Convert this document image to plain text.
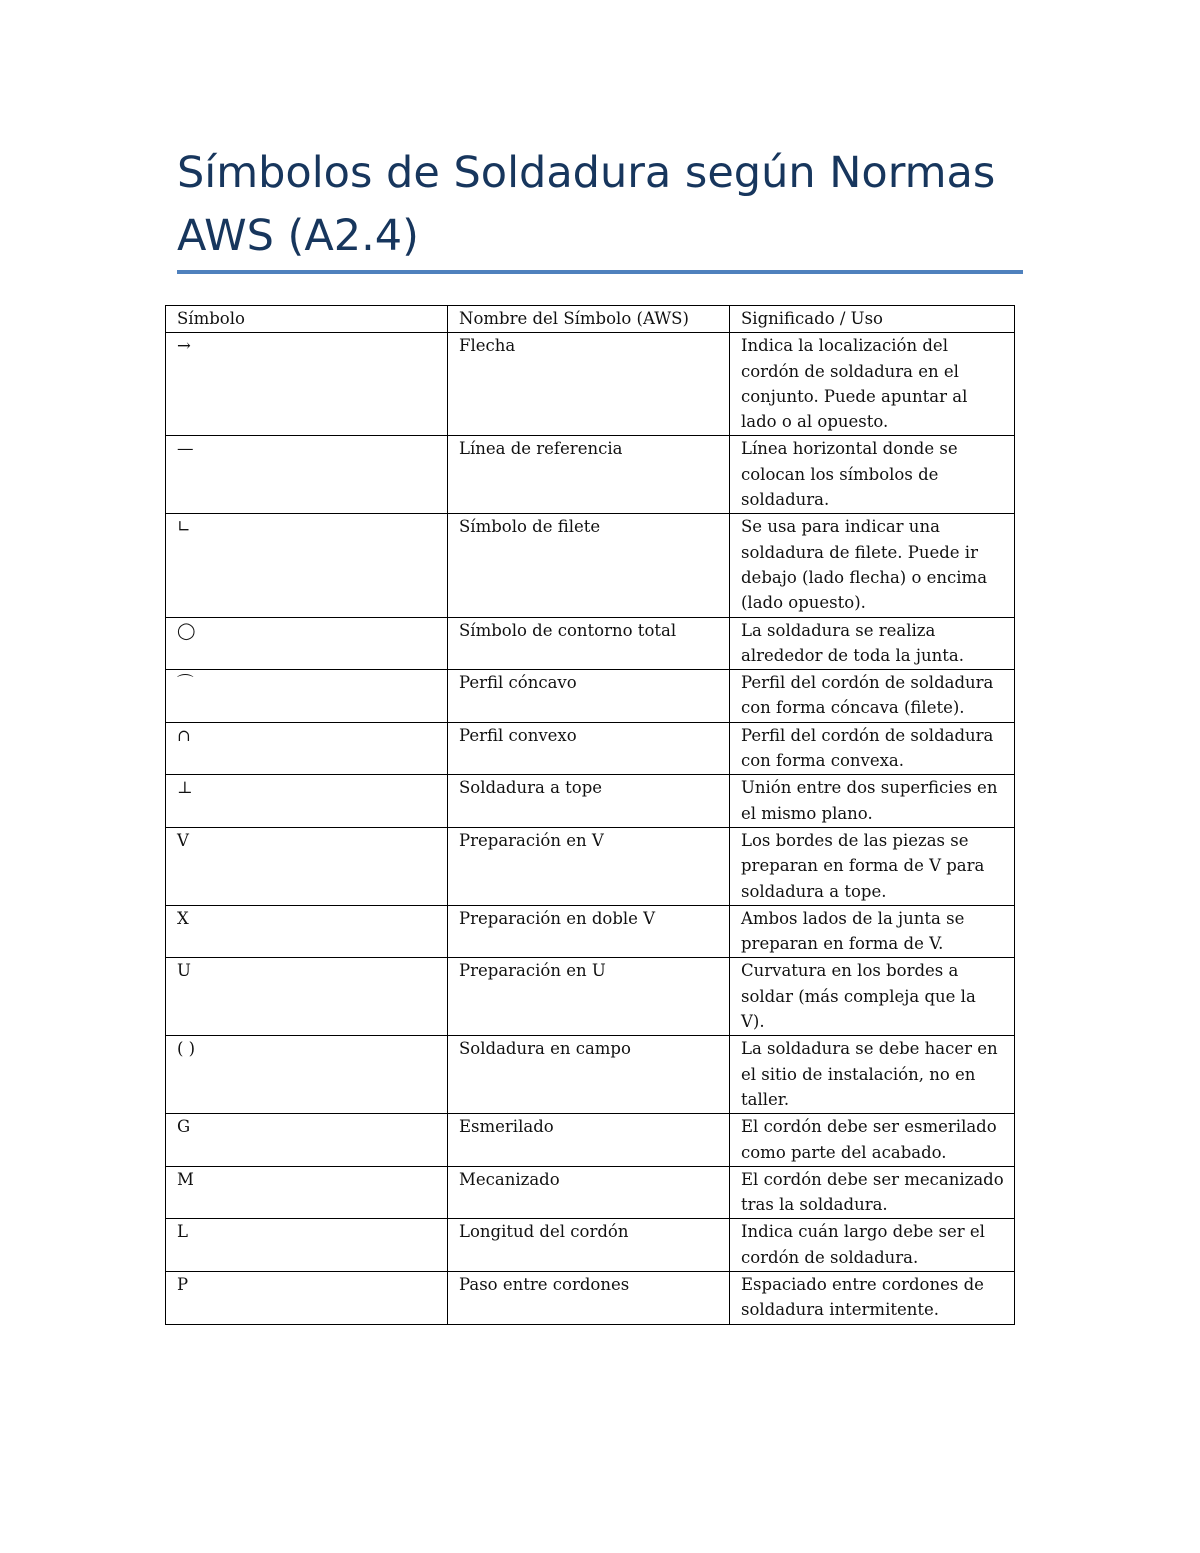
Símbolos de Soldadura según Normas AWS (A2.4)
Símbolo	Nombre del Símbolo (AWS)	Significado / Uso
→	Flecha	Indica la localización del cordón de soldadura en el conjunto. Puede apuntar al lado o al opuesto.
—	Línea de referencia	Línea horizontal donde se colocan los símbolos de soldadura.
∟	Símbolo de filete	Se usa para indicar una soldadura de filete. Puede ir debajo (lado flecha) o encima (lado opuesto).
◯	Símbolo de contorno total	La soldadura se realiza alrededor de toda la junta.
⌒	Perfil cóncavo	Perfil del cordón de soldadura con forma cóncava (filete).
∩	Perfil convexo	Perfil del cordón de soldadura con forma convexa.
⊥	Soldadura a tope	Unión entre dos superficies en el mismo plano.
V	Preparación en V	Los bordes de las piezas se preparan en forma de V para soldadura a tope.
X	Preparación en doble V	Ambos lados de la junta se preparan en forma de V.
U	Preparación en U	Curvatura en los bordes a soldar (más compleja que la V).
( )	Soldadura en campo	La soldadura se debe hacer en el sitio de instalación, no en taller.
G	Esmerilado	El cordón debe ser esmerilado como parte del acabado.
M	Mecanizado	El cordón debe ser mecanizado tras la soldadura.
L	Longitud del cordón	Indica cuán largo debe ser el cordón de soldadura.
P	Paso entre cordones	Espaciado entre cordones de soldadura intermitente.
